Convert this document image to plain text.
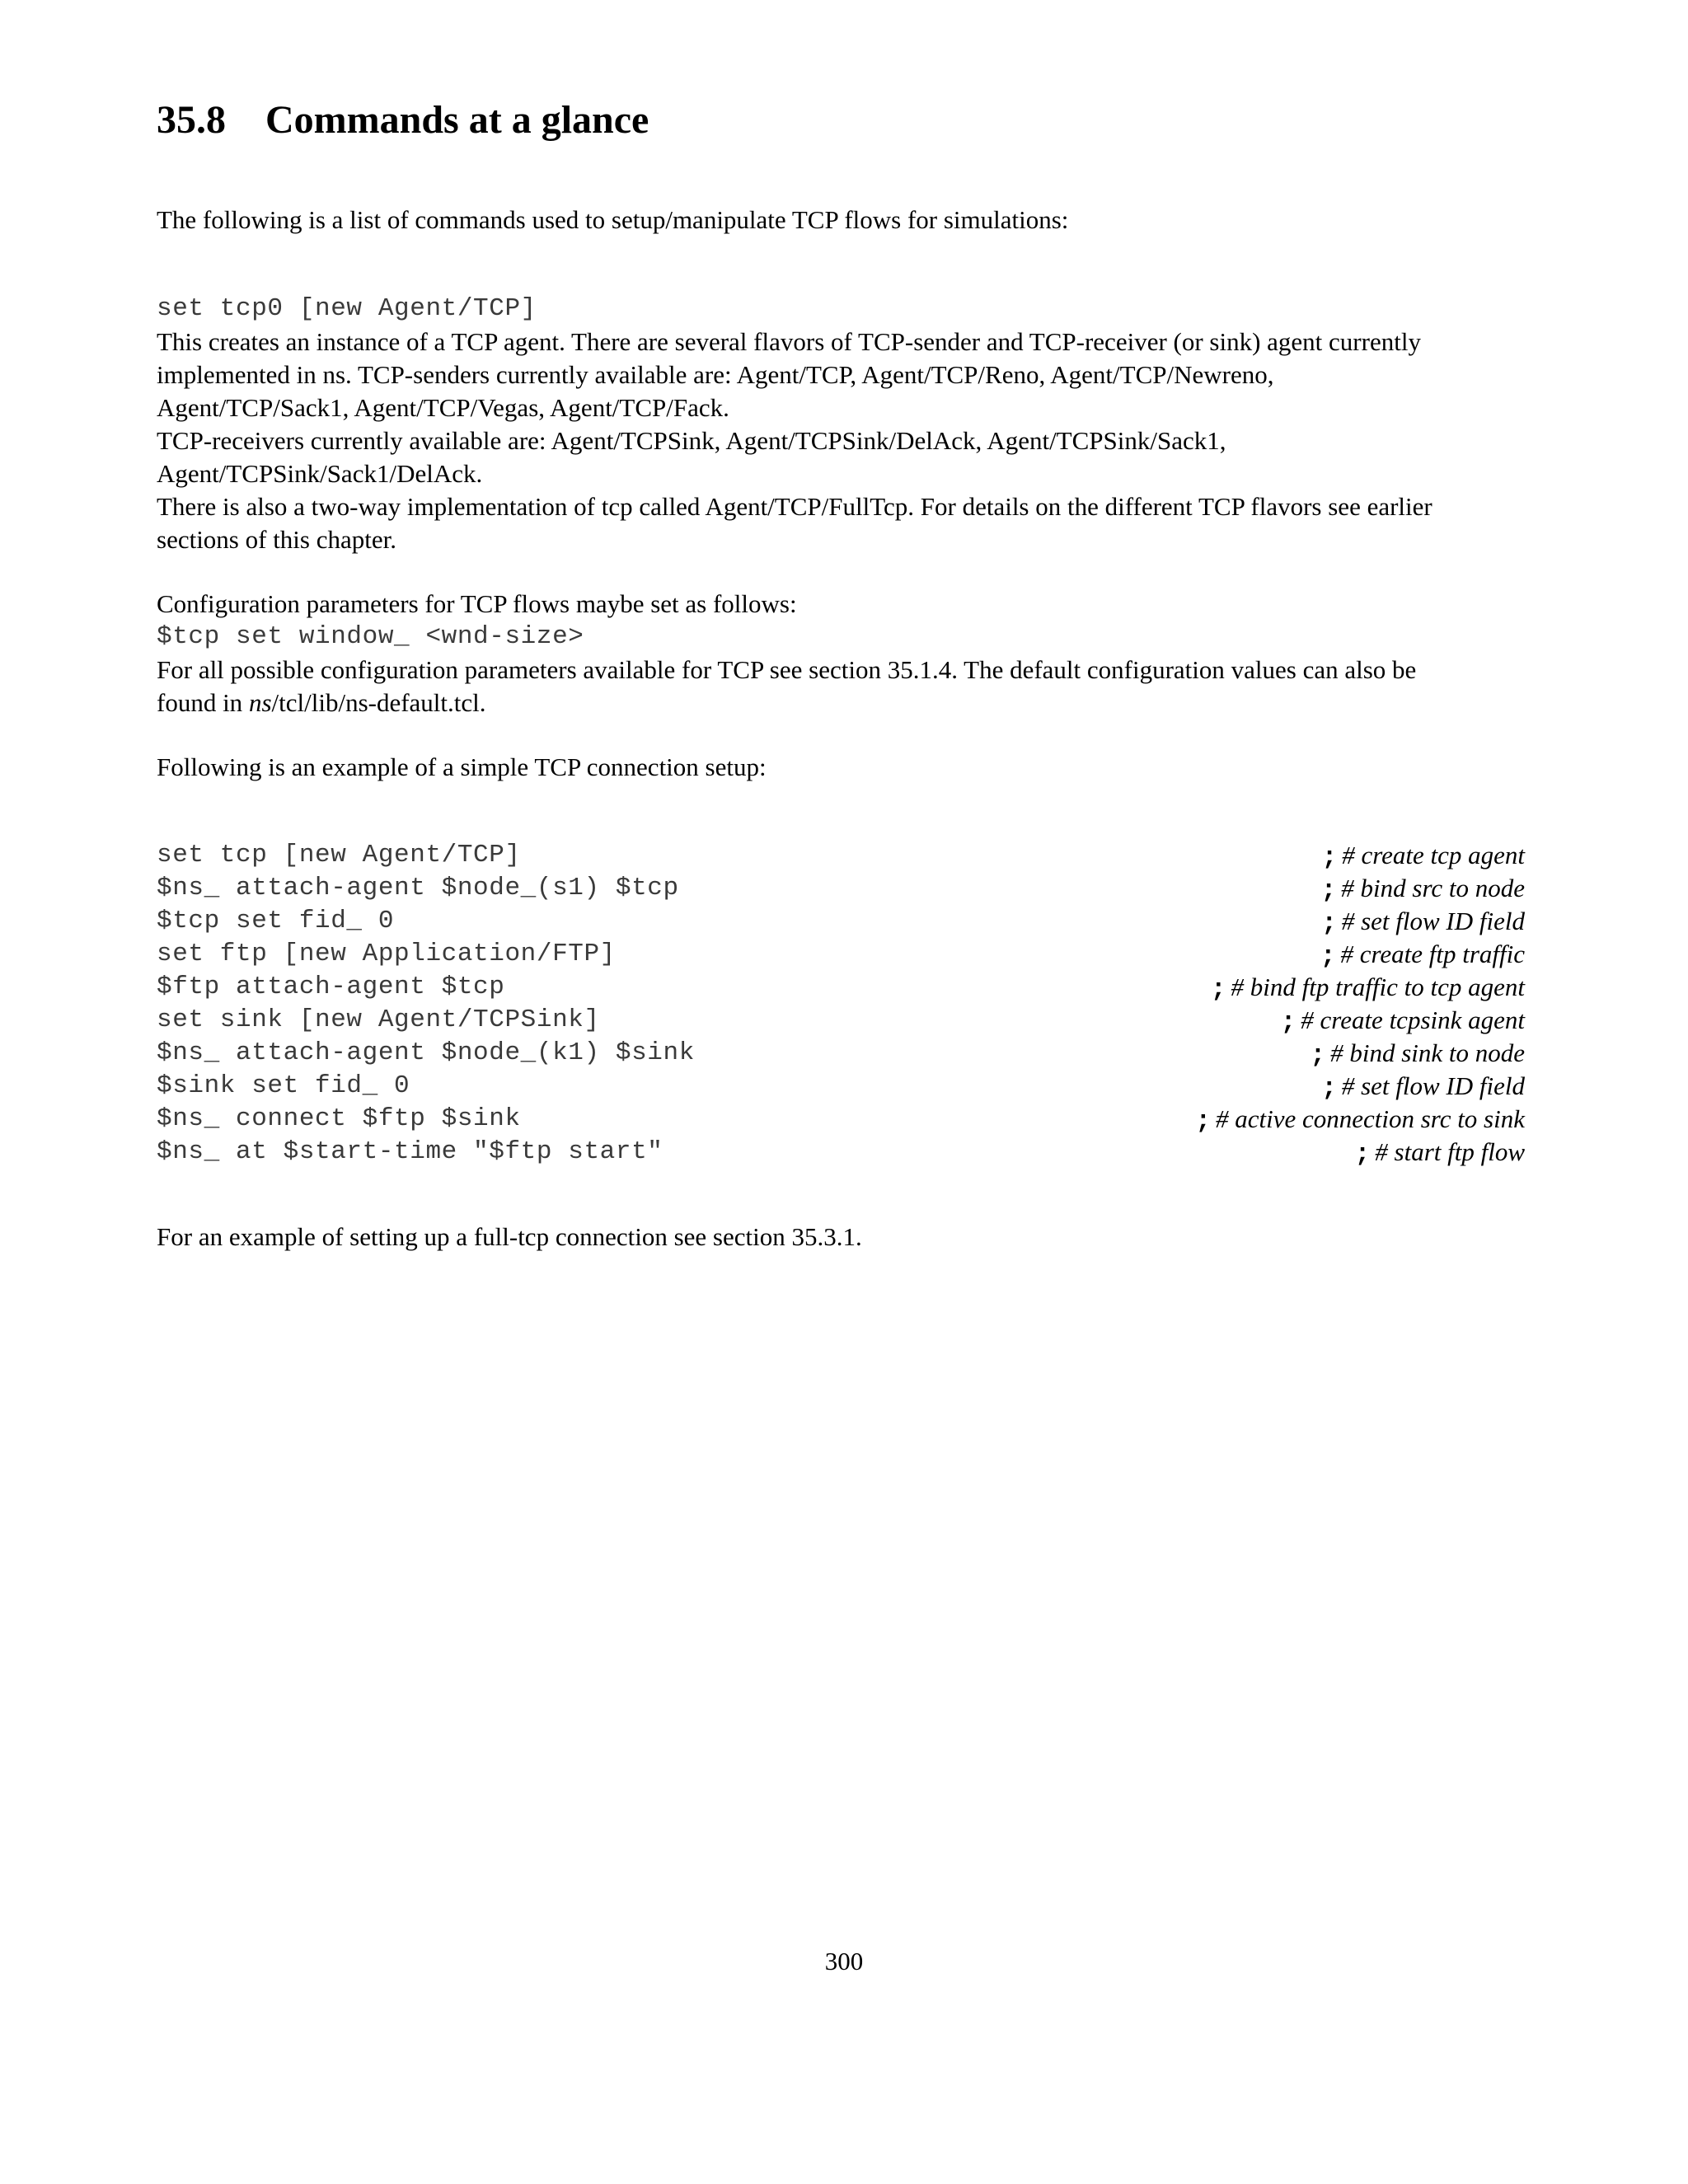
35.8 Commands at a glance
The following is a list of commands used to setup/manipulate TCP flows for simulations:
set tcp0 [new Agent/TCP]
This creates an instance of a TCP agent. There are several flavors of TCP-sender and TCP-receiver (or sink) agent currently
implemented in ns. TCP-senders currently available are: Agent/TCP, Agent/TCP/Reno, Agent/TCP/Newreno,
Agent/TCP/Sack1, Agent/TCP/Vegas, Agent/TCP/Fack.
TCP-receivers currently available are: Agent/TCPSink, Agent/TCPSink/DelAck, Agent/TCPSink/Sack1,
Agent/TCPSink/Sack1/DelAck.
There is also a two-way implementation of tcp called Agent/TCP/FullTcp. For details on the different TCP flavors see earlier
sections of this chapter.
Configuration parameters for TCP flows maybe set as follows:
$tcp set window_ <wnd-size>
For all possible configuration parameters available for TCP see section 35.1.4. The default configuration values can also be
found in ns/tcl/lib/ns-default.tcl.
Following is an example of a simple TCP connection setup:
set tcp [new Agent/TCP]	; # create tcp agent
$ns_ attach-agent $node_(s1) $tcp	; # bind src to node
$tcp set fid_ 0	; # set flow ID field
set ftp [new Application/FTP]	; # create ftp traffic
$ftp attach-agent $tcp	; # bind ftp traffic to tcp agent
set sink [new Agent/TCPSink]	; # create tcpsink agent
$ns_ attach-agent $node_(k1) $sink	; # bind sink to node
$sink set fid_ 0	; # set flow ID field
$ns_ connect $ftp $sink	; # active connection src to sink
$ns_ at $start-time "$ftp start"	; # start ftp flow
For an example of setting up a full-tcp connection see section 35.3.1.
300
